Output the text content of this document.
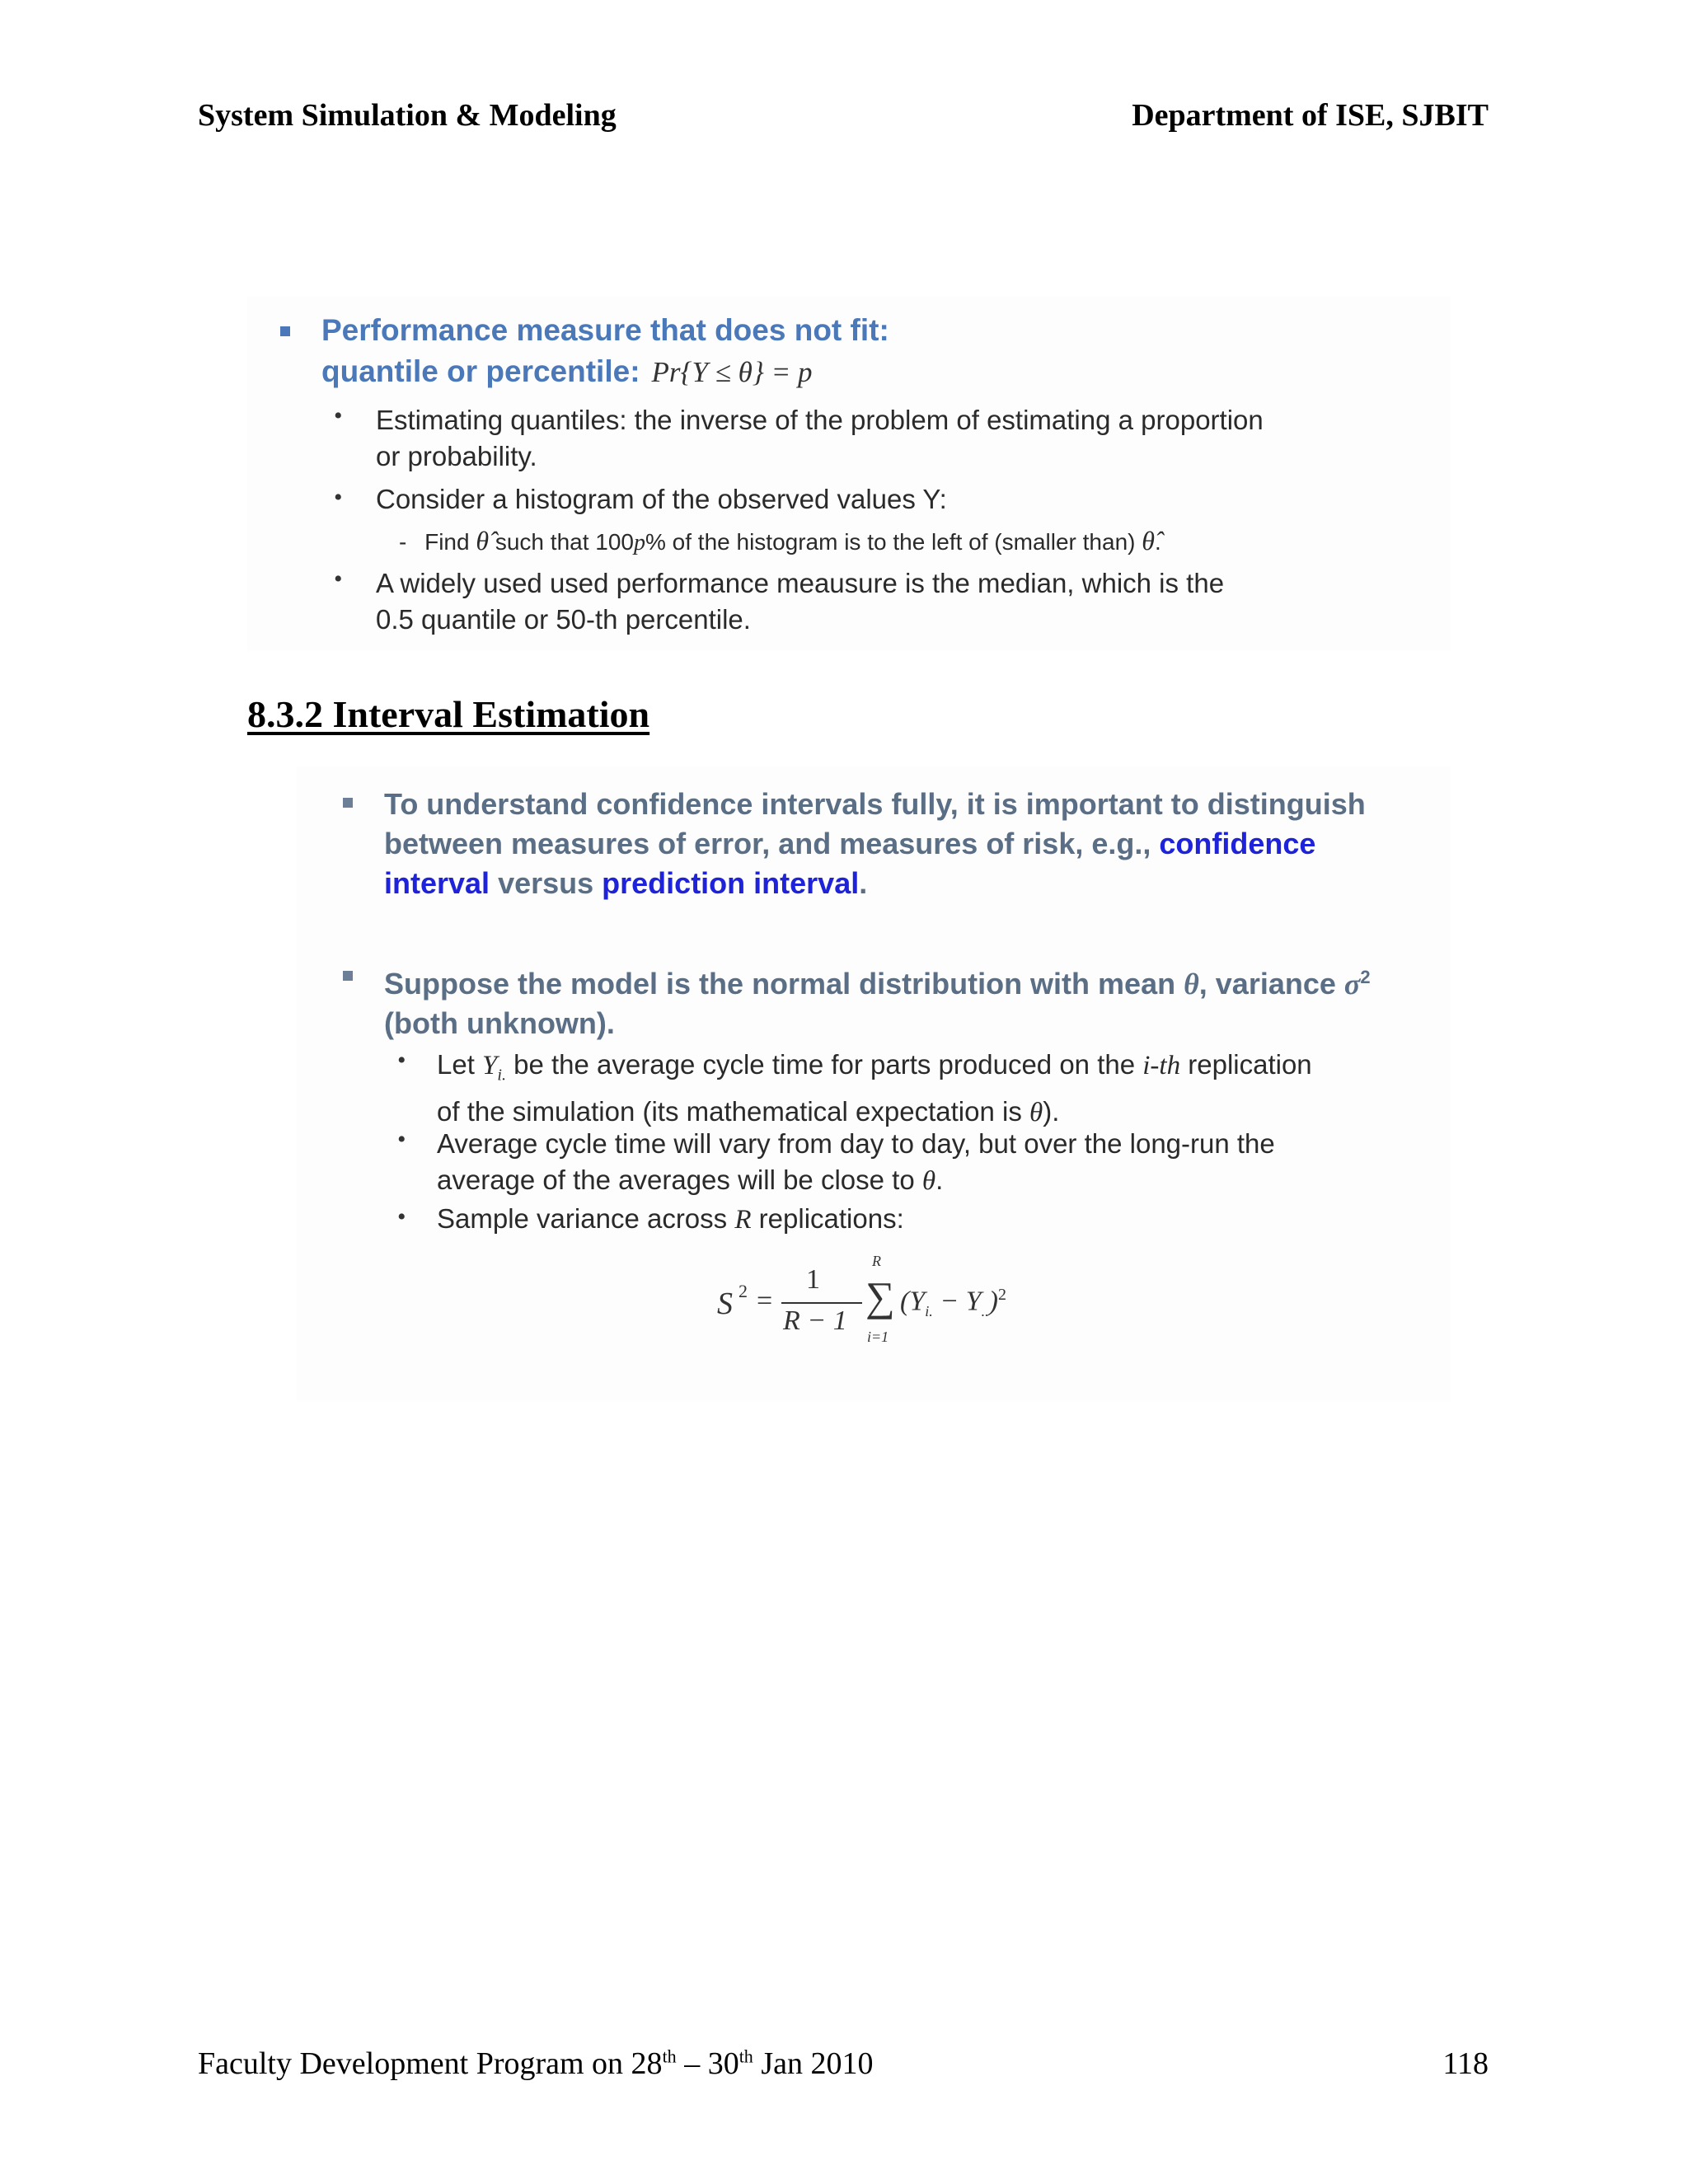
System Simulation & Modeling	Department of ISE, SJBIT
Performance measure that does not fit:
quantile or percentile: Pr{Y ≤ θ} = p
• Estimating quantiles: the inverse of the problem of estimating a proportion
or probability.
• Consider a histogram of the observed values Y:
- Find θ̂ such that 100p% of the histogram is to the left of (smaller than) θ̂.
• A widely used used performance meausure is the median, which is the
0.5 quantile or 50-th percentile.
8.3.2 Interval Estimation
To understand confidence intervals fully, it is important to distinguish
between measures of error, and measures of risk, e.g., confidence
interval versus prediction interval.
Suppose the model is the normal distribution with mean θ, variance $\sigma^2$
(both unknown).
• Let $Y_{i.}$ be the average cycle time for parts produced on the i-th replication
of the simulation (its mathematical expectation is θ).
• Average cycle time will vary from day to day, but over the long-run the
average of the averages will be close to θ.
• Sample variance across R replications:
S 2 =
1
R − 1
∑
R
i=1
$(Y_{i.} - Y_{..})^2$
Faculty Development Program on 28th – 30th Jan 2010	118
